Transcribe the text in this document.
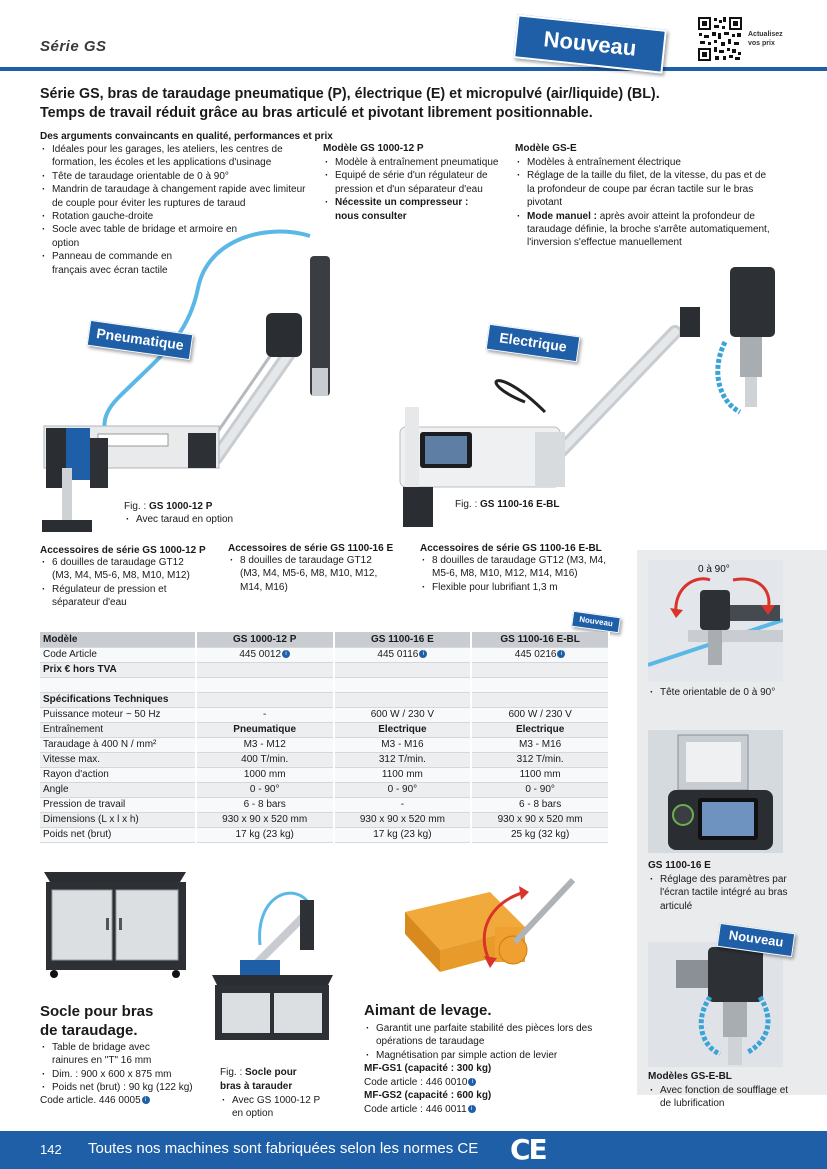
Série GS	Nouveau	Actualisez vos prix
Série GS, bras de taraudage pneumatique (P), électrique (E) et micropulvé (air/liquide) (BL).
Temps de travail réduit grâce au bras articulé et pivotant librement positionnable.
Des arguments convaincants en qualité, performances et prix
· Idéales pour les garages, les ateliers, les centres de formation, les écoles et les applications d'usinage
· Tête de taraudage orientable de 0 à 90°
· Mandrin de taraudage à changement rapide avec limiteur de couple pour éviter les ruptures de taraud
· Rotation gauche-droite
· Socle avec table de bridage et armoire en option
· Panneau de commande en français avec écran tactile
Modèle GS 1000-12 P
· Modèle à entraînement pneumatique
· Equipé de série d'un régulateur de pression et d'un séparateur d'eau
· Nécessite un compresseur : nous consulter
Modèle GS-E
· Modèles à entraînement électrique
· Réglage de la taille du filet, de la vitesse, du pas et de la profondeur de coupe par écran tactile sur le bras pivotant
· Mode manuel : après avoir atteint la profondeur de taraudage définie, la broche s'arrête automatiquement, l'inversion s'effectue manuellement
Pneumatique	Electrique
Fig. : GS 1000-12 P
· Avec taraud en option
Fig. : GS 1100-16 E-BL
Accessoires de série GS 1000-12 P
· 6 douilles de taraudage GT12 (M3, M4, M5-6, M8, M10, M12)
· Régulateur de pression et séparateur d'eau
Accessoires de série GS 1100-16 E
· 8 douilles de taraudage GT12 (M3, M4, M5-6, M8, M10, M12, M14, M16)
Accessoires de série GS 1100-16 E-BL
· 8 douilles de taraudage GT12 (M3, M4, M5-6, M8, M10, M12, M14, M16)
· Flexible pour lubrifiant 1,3 m
Nouveau
Modèle	GS 1000-12 P	GS 1100-16 E	GS 1100-16 E-BL
Code Article	445 0012 i	445 0116 i	445 0216 i
Prix € hors TVA			

Spécifications Techniques			
Puissance moteur ~ 50 Hz	-	600 W / 230 V	600 W / 230 V
Entraînement	Pneumatique	Electrique	Electrique
Taraudage à 400 N / mm²	M3 - M12	M3 - M16	M3 - M16
Vitesse max.	400 T/min.	312 T/min.	312 T/min.
Rayon d'action	1000 mm	1100 mm	1100 mm
Angle	0 - 90°	0 - 90°	0 - 90°
Pression de travail	6 - 8 bars	-	6 - 8 bars
Dimensions (L x l x h)	930 x 90 x 520 mm	930 x 90 x 520 mm	930 x 90 x 520 mm
Poids net (brut)	17 kg (23 kg)	17 kg (23 kg)	25 kg (32 kg)
0 à 90°
· Tête orientable de 0 à 90°
GS 1100-16 E
· Réglage des paramètres par l'écran tactile intégré au bras articulé
Nouveau
Modèles GS-E-BL
· Avec fonction de soufflage et de lubrification
Socle pour bras
de taraudage.
· Table de bridage avec rainures en "T" 16 mm
· Dim. : 900 x 600 x 875 mm
· Poids net (brut) : 90 kg (122 kg)
Code article. 446 0005 i
Fig. : Socle pour bras à tarauder
· Avec GS 1000-12 P en option
Aimant de levage.
· Garantit une parfaite stabilité des pièces lors des opérations de taraudage
· Magnétisation par simple action de levier
MF-GS1 (capacité : 300 kg)
Code article : 446 0010 i
MF-GS2 (capacité : 600 kg)
Code article : 446 0011 i
142 Toutes nos machines sont fabriquées selon les normes CE CE
